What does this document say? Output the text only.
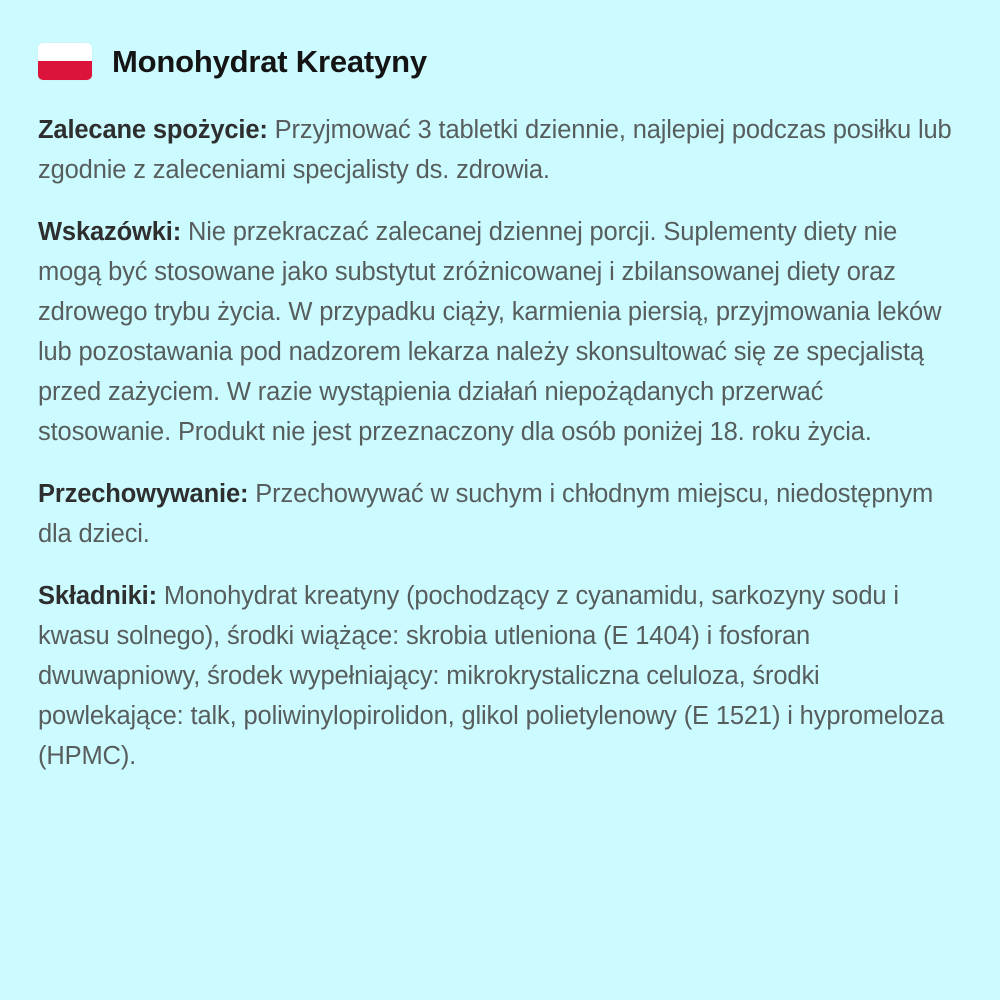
Monohydrat Kreatyny

Zalecane spożycie: Przyjmować 3 tabletki dziennie, najlepiej podczas posiłku lub zgodnie z zaleceniami specjalisty ds. zdrowia.

Wskazówki: Nie przekraczać zalecanej dziennej porcji. Suplementy diety nie mogą być stosowane jako substytut zróżnicowanej i zbilansowanej diety oraz zdrowego trybu życia. W przypadku ciąży, karmienia piersią, przyjmowania leków lub pozostawania pod nadzorem lekarza należy skonsultować się ze specjalistą przed zażyciem. W razie wystąpienia działań niepożądanych przerwać stosowanie. Produkt nie jest przeznaczony dla osób poniżej 18. roku życia.

Przechowywanie: Przechowywać w suchym i chłodnym miejscu, niedostępnym dla dzieci.

Składniki: Monohydrat kreatyny (pochodzący z cyanamidu, sarkozyny sodu i kwasu solnego), środki wiążące: skrobia utleniona (E 1404) i fosforan dwuwapniowy, środek wypełniający: mikrokrystaliczna celuloza, środki powlekające: talk, poliwinylopirolidon, glikol polietylenowy (E 1521) i hypromeloza (HPMC).
